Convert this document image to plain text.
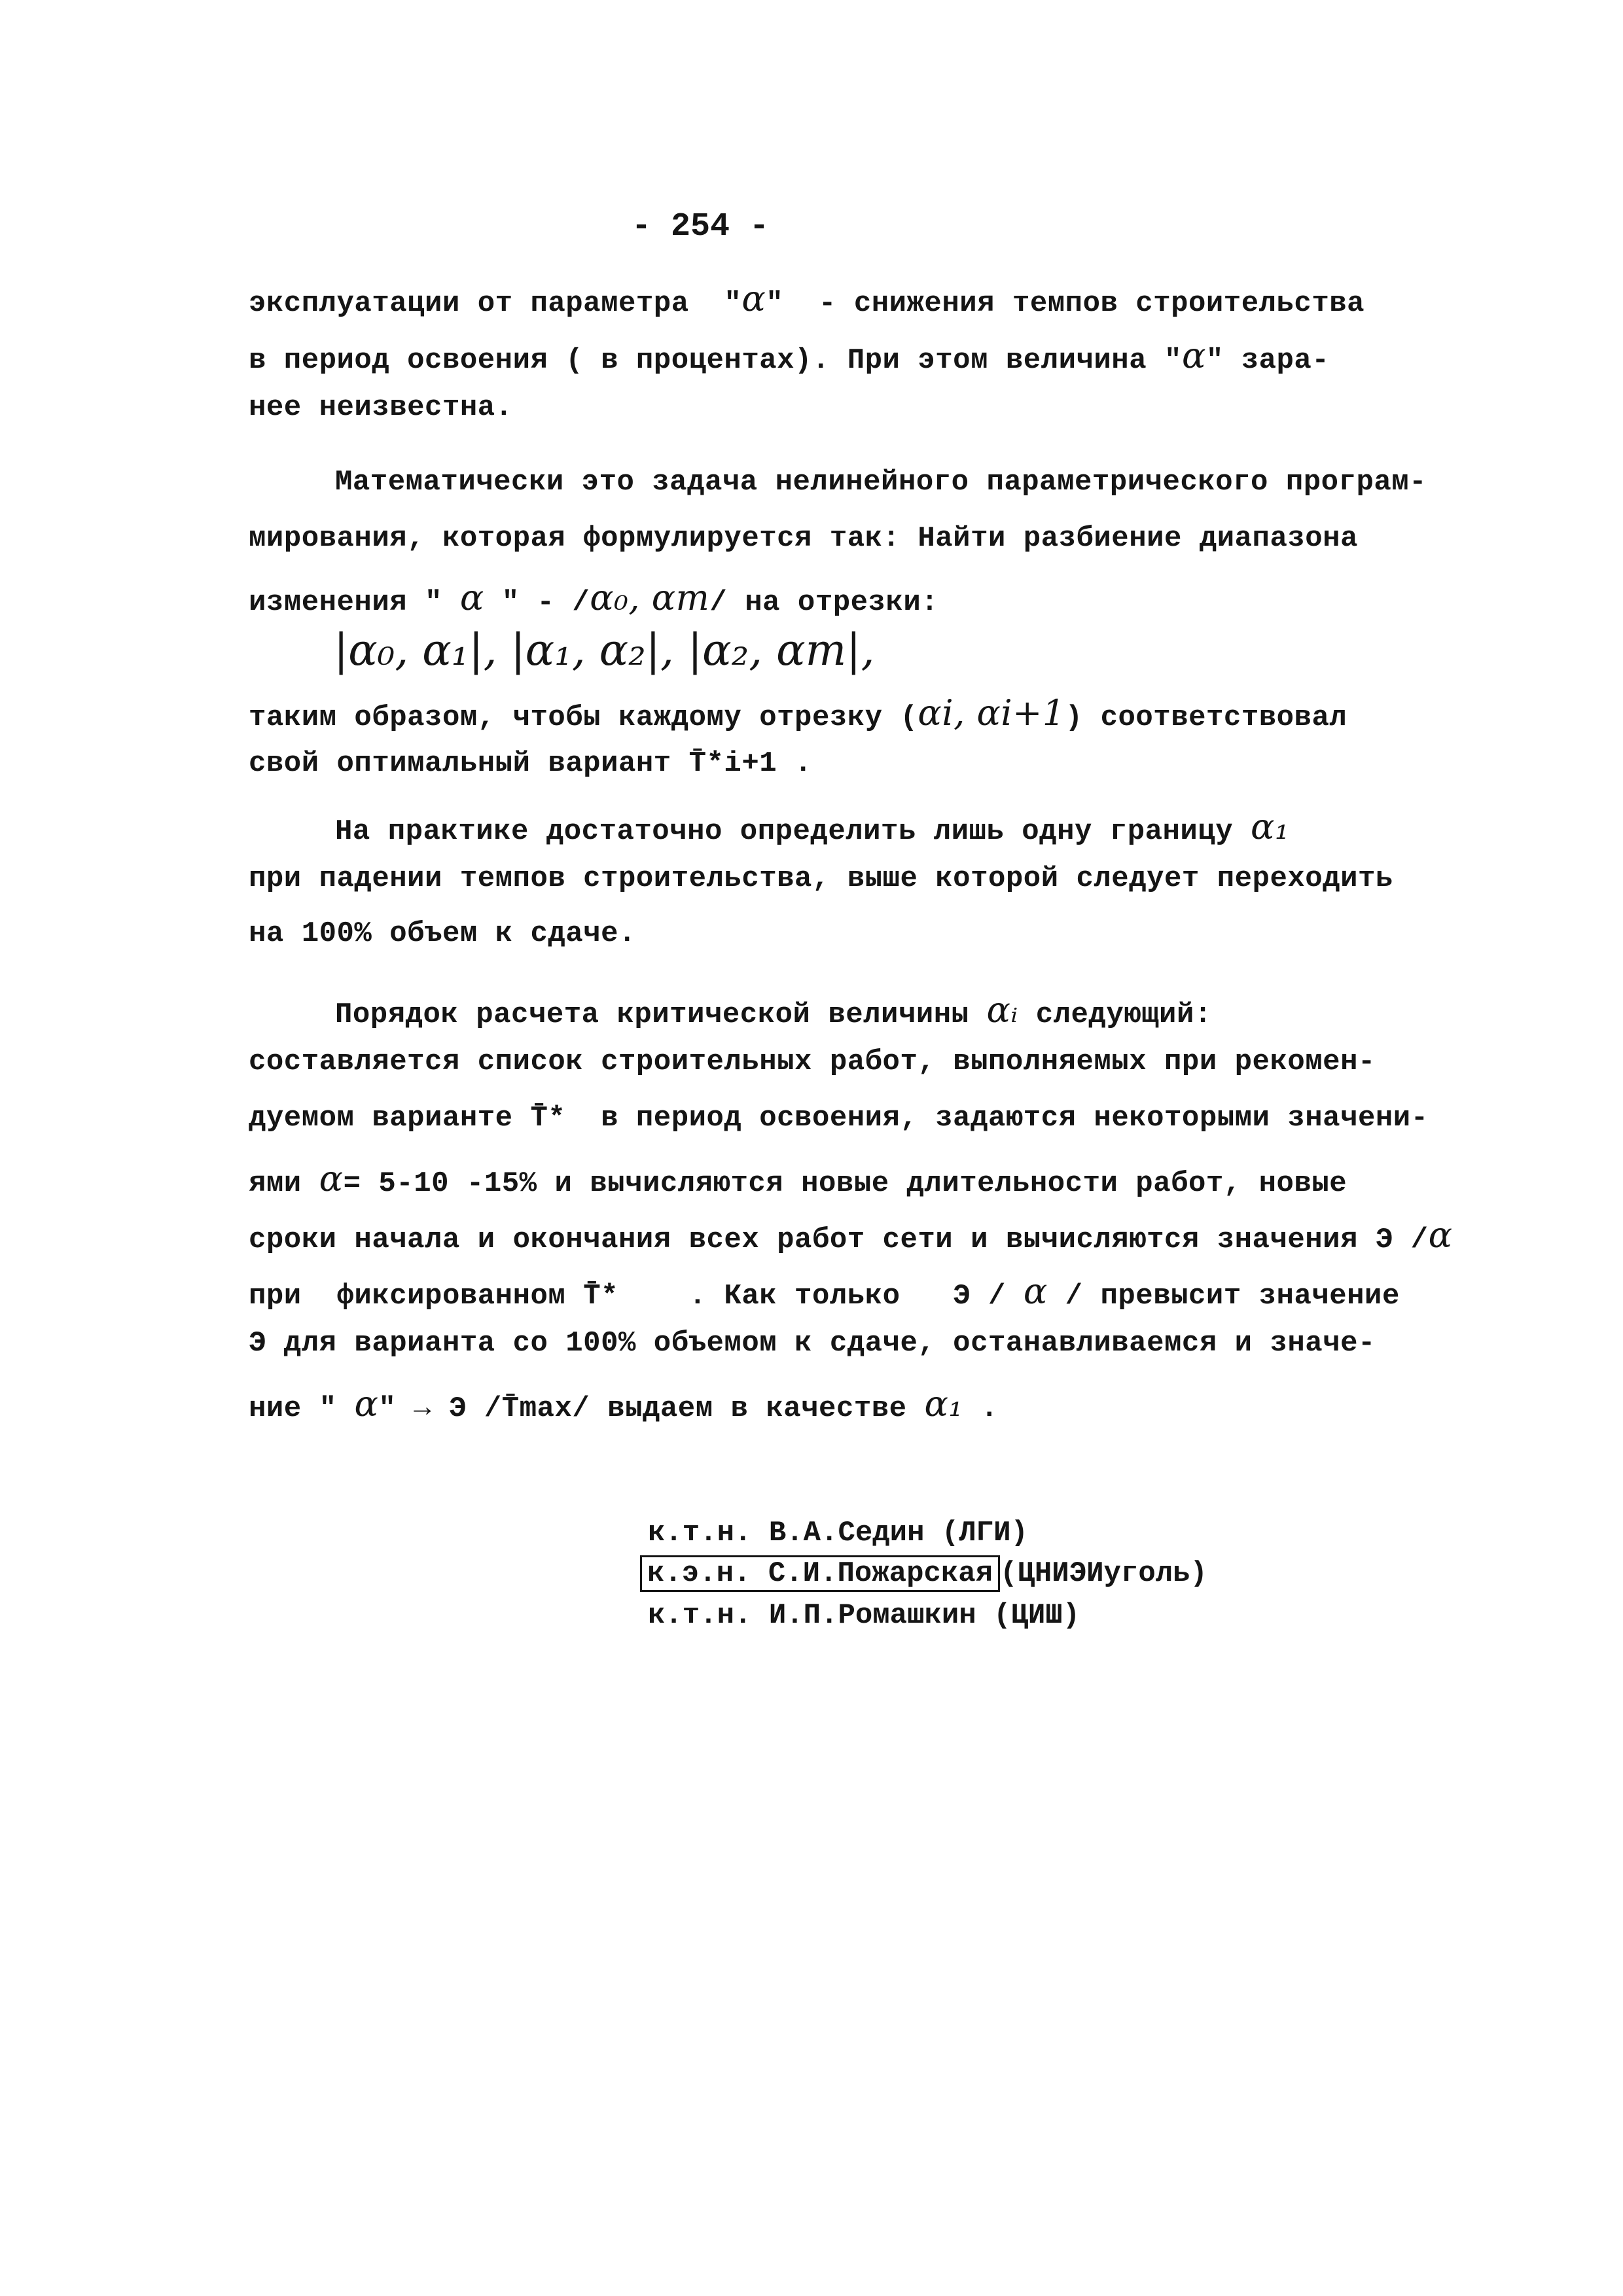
- 254 -
эксплуатации от параметра  "α"  - снижения темпов строительства
в период освоения ( в процентах). При этом величина "α" зара-
нее неизвестна.
Математически это задача нелинейного параметрического програм-
мирования, которая формулируется так: Найти разбиение диапазона
изменения " α " - /α₀, αm/ на отрезки:
|α₀, α₁|, |α₁, α₂|, |α₂, αm|,
таким образом, чтобы каждому отрезку (αi, αi+1) соответствовал
свой оптимальный вариант T̄*i+1 .
На практике достаточно определить лишь одну границу α₁
при падении темпов строительства, выше которой следует переходить
на 100% объем к сдаче.
Порядок расчета критической величины αᵢ следующий:
составляется список строительных работ, выполняемых при рекомен-
дуемом варианте T̄*  в период освоения, задаются некоторыми значени-
ями α= 5-10 -15% и вычисляются новые длительности работ, новые
сроки начала и окончания всех работ сети и вычисляются значения Э /α
при  фиксированном T̄*    . Как только   Э / α / превысит значение
Э для варианта со 100% объемом к сдаче, останавливаемся и значе-
ние " α" → Э /T̄max/ выдаем в качестве α₁ .
к.т.н. В.А.Седин (ЛГИ)
к.э.н. С.И.Пожарская (ЦНИЭИуголь)
к.т.н. И.П.Ромашкин (ЦИШ)
